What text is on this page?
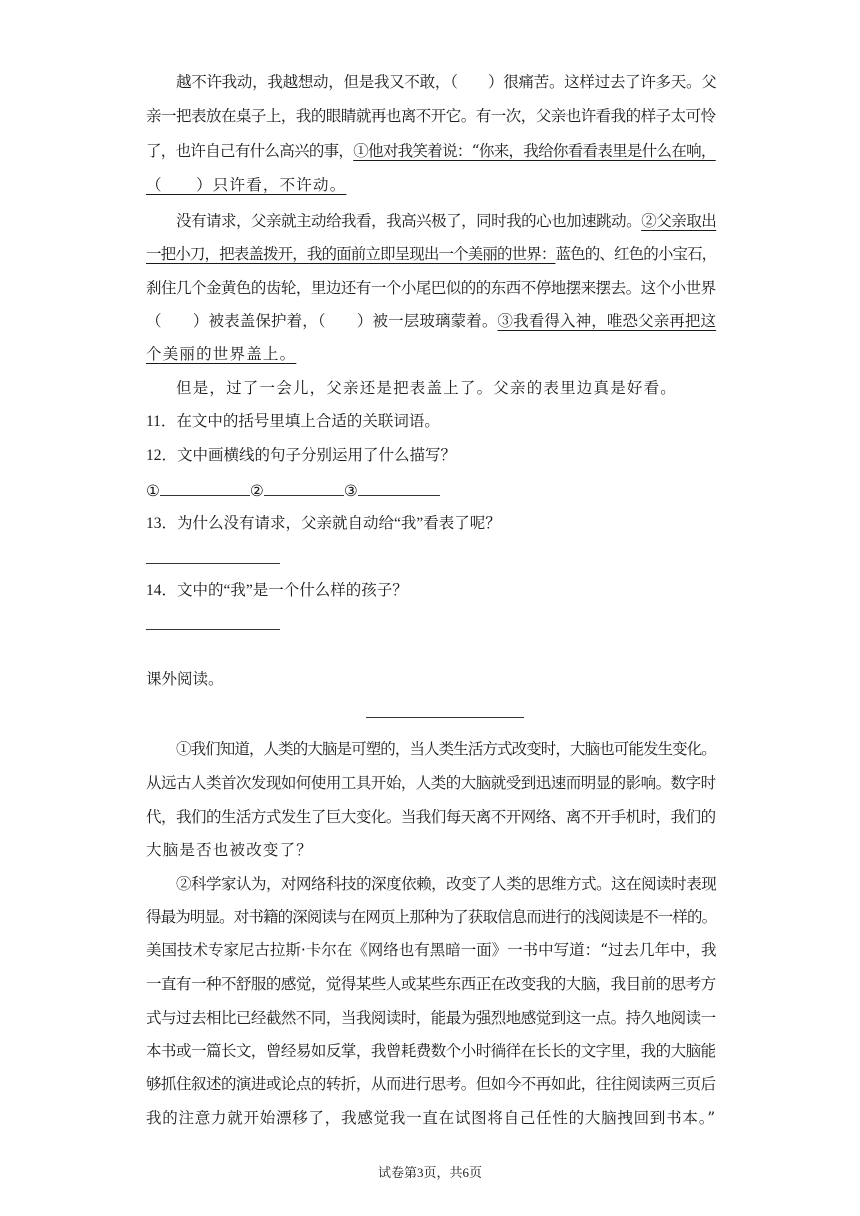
越不许我动，我越想动，但是我又不敢，（　　）很痛苦。这样过去了许多天。父
亲一把表放在桌子上，我的眼睛就再也离不开它。有一次，父亲也许看我的样子太可怜
了，也许自己有什么高兴的事，①他对我笑着说：“你来，我给你看看表里是什么在响，
（　　）只许看，不许动。
没有请求，父亲就主动给我看，我高兴极了，同时我的心也加速跳动。②父亲取出
一把小刀，把表盖拨开，我的面前立即呈现出一个美丽的世界：蓝色的、红色的小宝石，
刹住几个金黄色的齿轮，里边还有一个小尾巴似的的东西不停地摆来摆去。这个小世界
（　　）被表盖保护着，（　　）被一层玻璃蒙着。③我看得入神，唯恐父亲再把这
个美丽的世界盖上。
但是，过了一会儿，父亲还是把表盖上了。父亲的表里边真是好看。
11．在文中的括号里填上合适的关联词语。
12．文中画横线的句子分别运用了什么描写？
①	②	③
13．为什么没有请求，父亲就自动给“我”看表了呢？
14．文中的“我”是一个什么样的孩子？
课外阅读。
①我们知道，人类的大脑是可塑的，当人类生活方式改变时，大脑也可能发生变化。
从远古人类首次发现如何使用工具开始，人类的大脑就受到迅速而明显的影响。数字时
代，我们的生活方式发生了巨大变化。当我们每天离不开网络、离不开手机时，我们的
大脑是否也被改变了？
②科学家认为，对网络科技的深度依赖，改变了人类的思维方式。这在阅读时表现
得最为明显。对书籍的深阅读与在网页上那种为了获取信息而进行的浅阅读是不一样的。
美国技术专家尼古拉斯·卡尔在《网络也有黑暗一面》一书中写道：“过去几年中，我
一直有一种不舒服的感觉，觉得某些人或某些东西正在改变我的大脑，我目前的思考方
式与过去相比已经截然不同，当我阅读时，能最为强烈地感觉到这一点。持久地阅读一
本书或一篇长文，曾经易如反掌，我曾耗费数个小时徜徉在长长的文字里，我的大脑能
够抓住叙述的演进或论点的转折，从而进行思考。但如今不再如此，往往阅读两三页后
我的注意力就开始漂移了，我感觉我一直在试图将自己任性的大脑拽回到书本。”
试卷第3页，共6页
